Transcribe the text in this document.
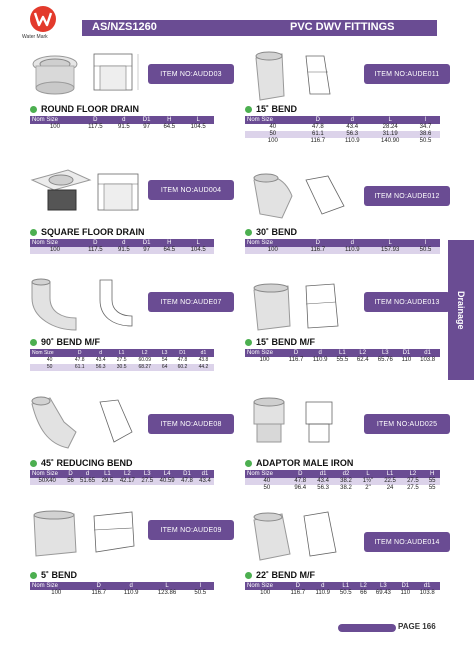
Water Mark
AS/NZS1260	PVC DWV FITTINGS
Drainage
ITEM NO:AUDD03	ITEM NO:AUDE011
ROUND FLOOR DRAIN	15˚ BEND
Nom Size	D	d	D1	H	L
100	117.5	91.5	97	64.5	104.5
Nom Size	D	d	L	l
40	47.8	43.4	28.24	34.7
50	61.1	56.3	31.19	38.6
100	116.7	110.9	140.90	50.5
ITEM NO:AUD004
ITEM NO:AUDE012
SQUARE FLOOR DRAIN	30˚ BEND
Nom Size	D	d	D1	H	L
100	117.5	91.5	97	64.5	104.5
Nom Size	D	d	L	l
100	116.7	110.9	157.93	50.5
ITEM NO:AUDE07	ITEM NO:AUDE013
90˚ BEND M/F	15˚ BEND M/F
Nom Size	D	d	L1	L2	L3	D1	d1
40	47.8	43.4	27.5	60.09	54	47.8	43.8
50	61.1	56.3	30.5	68.27	64	60.2	44.2
Nom Size	D	d	L1	L2	L3	D1	d1
100	116.7	110.9	55.5	62.4	65.76	110	103.8
ITEM NO:AUDE08	ITEM NO:AUD025
45˚ REDUCING BEND	ADAPTOR MALE IRON
Nom Size	D	d	L1	L2	L3	L4	D1	d1
50X40	56	51.65	29.5	42.17	27.5	40.59	47.8	43.4
Nom Size	D	d1	d2	L	L1	L2	H
40	47.8	43.4	38.2	1½"	22.5	27.5	55
50	96.4	56.3	38.2	2"	24	27.5	55
ITEM NO:AUDE09
ITEM NO:AUDE014
5˚ BEND	22˚ BEND M/F
Nom Size	D	d	L	l
100	116.7	110.9	123.86	50.5
Nom Size	D	d	L1	L2	L3	D1	d1
100	116.7	110.9	50.5	66	69.43	110	103.8
PAGE 166
